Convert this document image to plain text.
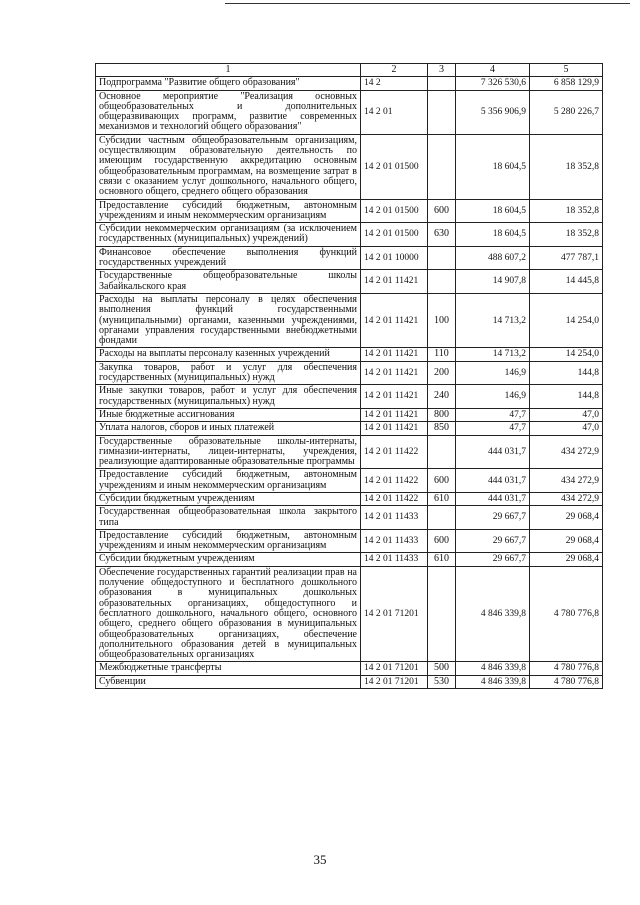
1	2	3	4	5
Подпрограмма "Развитие общего образования"	14 2		7 326 530,6	6 858 129,9
Основное мероприятие "Реализация основных общеобразовательных и дополнительных общеразвивающих программ, развитие современных механизмов и технологий общего образования"	14 2 01		5 356 906,9	5 280 226,7
Субсидии частным общеобразовательным организациям, осуществляющим образовательную деятельность по имеющим государственную аккредитацию основным общеобразовательным программам, на возмещение затрат в связи с оказанием услуг дошкольного, начального общего, основного общего, среднего общего образования	14 2 01 01500		18 604,5	18 352,8
Предоставление субсидий бюджетным, автономным учреждениям и иным некоммерческим организациям	14 2 01 01500	600	18 604,5	18 352,8
Субсидии некоммерческим организациям (за исключением государственных (муниципальных) учреждений)	14 2 01 01500	630	18 604,5	18 352,8
Финансовое обеспечение выполнения функций государственных учреждений	14 2 01 10000		488 607,2	477 787,1
Государственные общеобразовательные школы Забайкальского края	14 2 01 11421		14 907,8	14 445,8
Расходы на выплаты персоналу в целях обеспечения выполнения функций государственными (муниципальными) органами, казенными учреждениями, органами управления государственными внебюджетными фондами	14 2 01 11421	100	14 713,2	14 254,0
Расходы на выплаты персоналу казенных учреждений	14 2 01 11421	110	14 713,2	14 254,0
Закупка товаров, работ и услуг для обеспечения государственных (муниципальных) нужд	14 2 01 11421	200	146,9	144,8
Иные закупки товаров, работ и услуг для обеспечения государственных (муниципальных) нужд	14 2 01 11421	240	146,9	144,8
Иные бюджетные ассигнования	14 2 01 11421	800	47,7	47,0
Уплата налогов, сборов и иных платежей	14 2 01 11421	850	47,7	47,0
Государственные образовательные школы-интернаты, гимназии-интернаты, лицеи-интернаты, учреждения, реализующие адаптированные образовательные программы	14 2 01 11422		444 031,7	434 272,9
Предоставление субсидий бюджетным, автономным учреждениям и иным некоммерческим организациям	14 2 01 11422	600	444 031,7	434 272,9
Субсидии бюджетным учреждениям	14 2 01 11422	610	444 031,7	434 272,9
Государственная общеобразовательная школа закрытого типа	14 2 01 11433		29 667,7	29 068,4
Предоставление субсидий бюджетным, автономным учреждениям и иным некоммерческим организациям	14 2 01 11433	600	29 667,7	29 068,4
Субсидии бюджетным учреждениям	14 2 01 11433	610	29 667,7	29 068,4
Обеспечение государственных гарантий реализации прав на получение общедоступного и бесплатного дошкольного образования в муниципальных дошкольных образовательных организациях, общедоступного и бесплатного дошкольного, начального общего, основного общего, среднего общего образования в муниципальных общеобразовательных организациях, обеспечение дополнительного образования детей в муниципальных общеобразовательных организациях	14 2 01 71201		4 846 339,8	4 780 776,8
Межбюджетные трансферты	14 2 01 71201	500	4 846 339,8	4 780 776,8
Субвенции	14 2 01 71201	530	4 846 339,8	4 780 776,8
35
